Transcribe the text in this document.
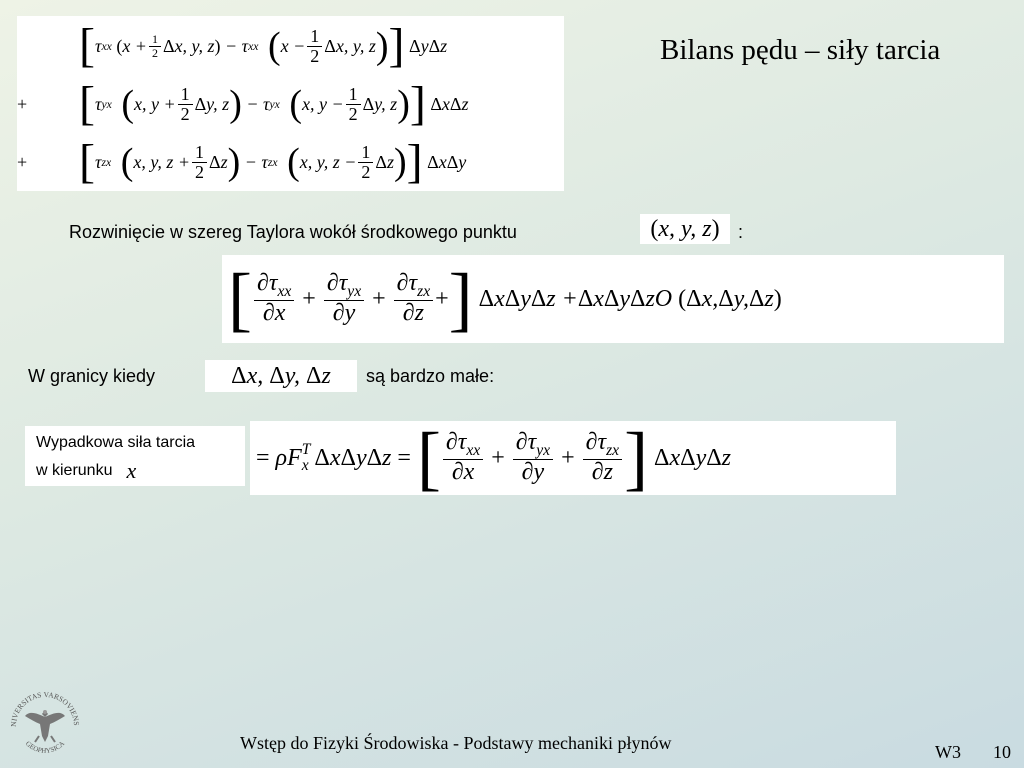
Bilans pędu – siły tarcia
[ τ xx ( $x + \frac{1}{2}$ Δ x, y, z ) − τ xx ( $x - \frac{1}{2}$ Δ x, y, z ) ]
Δ y Δ z
+	[ τ yx ( x, $y + \frac{1}{2}$ Δ y, z ) − τ yx ( x, $y - \frac{1}{2}$ Δ y, z ) ]
Δ x Δ z
+	[ τ zx ( x, y, $z + \frac{1}{2}$ Δ z ) − τ zx ( x, y, $z - \frac{1}{2}$ Δ z ) ]
Δ x Δ y
Rozwinięcie w szereg Taylora wokół środkowego punktu	(x, y, z)	:
[ $\frac{\partial\tau_{xx}}{\partial x} + \frac{\partial\tau_{yx}}{\partial y} + \frac{\partial\tau_{zx}}{\partial z}$ + ]
Δ x Δ y Δ z + Δ x Δ y Δ zO (Δ x, Δ y, Δ z )
W granicy kiedy	Δx, Δy, Δz	są bardzo małe:
Wypadkowa siła tarcia
w kierunku x	= ρF T
x Δ x Δ y Δ z = [ $\frac{\partial\tau_{xx}}{\partial x} + \frac{\partial\tau_{yx}}{\partial y} + \frac{\partial\tau_{zx}}{\partial z}$ ]
Δ x Δ y Δ z
NIVERSITAS VARSOVIENS
GEOPHYSICA	Wstęp do Fizyki Środowiska - Podstawy mechaniki płynów	W3 10
